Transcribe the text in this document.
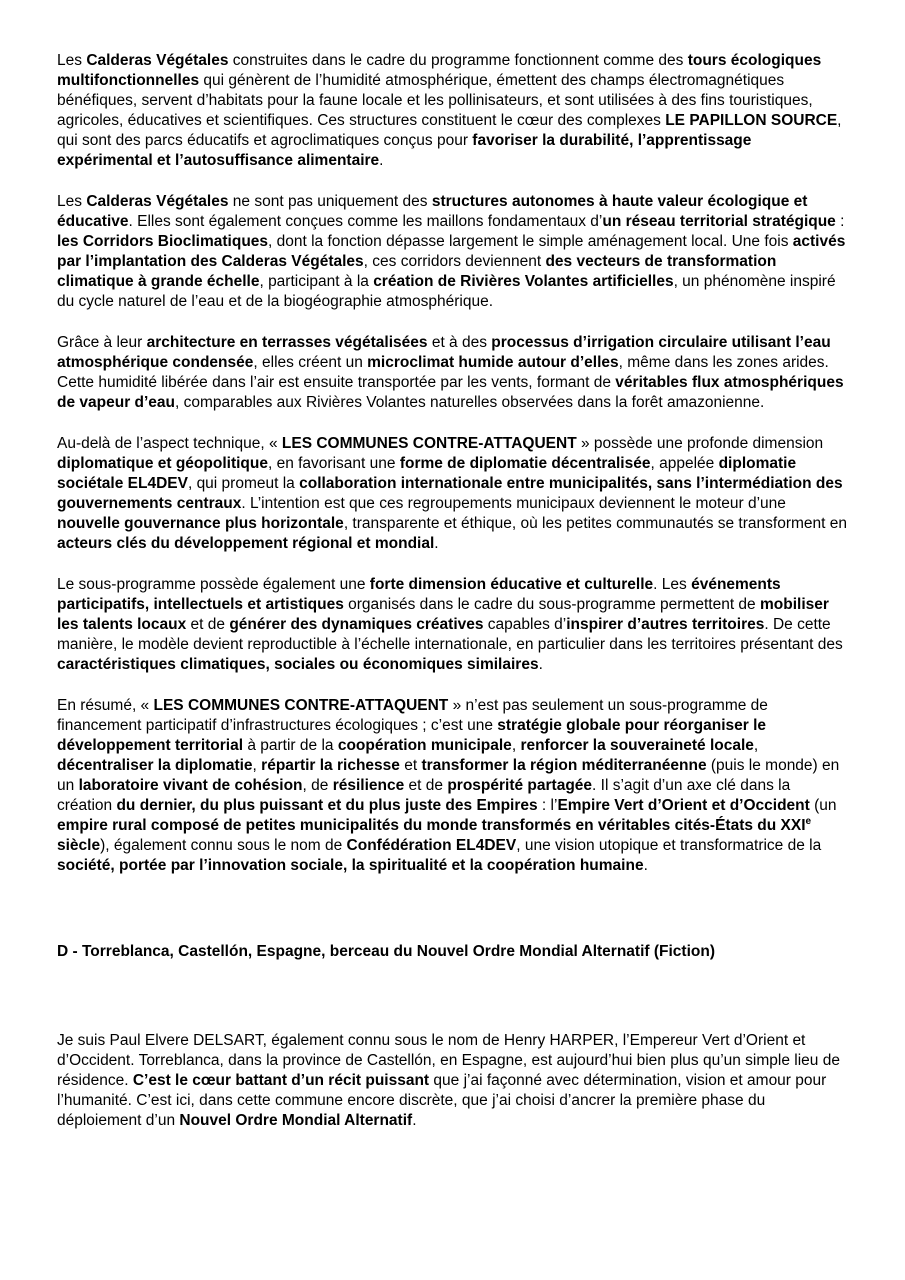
Les Calderas Végétales construites dans le cadre du programme fonctionnent comme des tours écologiques multifonctionnelles qui génèrent de l’humidité atmosphérique, émettent des champs électromagnétiques bénéfiques, servent d’habitats pour la faune locale et les pollinisateurs, et sont utilisées à des fins touristiques, agricoles, éducatives et scientifiques. Ces structures constituent le cœur des complexes LE PAPILLON SOURCE, qui sont des parcs éducatifs et agroclimatiques conçus pour favoriser la durabilité, l’apprentissage expérimental et l’autosuffisance alimentaire.

Les Calderas Végétales ne sont pas uniquement des structures autonomes à haute valeur écologique et éducative. Elles sont également conçues comme les maillons fondamentaux d’un réseau territorial stratégique : les Corridors Bioclimatiques, dont la fonction dépasse largement le simple aménagement local. Une fois activés par l’implantation des Calderas Végétales, ces corridors deviennent des vecteurs de transformation climatique à grande échelle, participant à la création de Rivières Volantes artificielles, un phénomène inspiré du cycle naturel de l’eau et de la biogéographie atmosphérique.

Grâce à leur architecture en terrasses végétalisées et à des processus d’irrigation circulaire utilisant l’eau atmosphérique condensée, elles créent un microclimat humide autour d’elles, même dans les zones arides. Cette humidité libérée dans l’air est ensuite transportée par les vents, formant de véritables flux atmosphériques de vapeur d’eau, comparables aux Rivières Volantes naturelles observées dans la forêt amazonienne.

Au-delà de l’aspect technique, « LES COMMUNES CONTRE-ATTAQUENT » possède une profonde dimension diplomatique et géopolitique, en favorisant une forme de diplomatie décentralisée, appelée diplomatie sociétale EL4DEV, qui promeut la collaboration internationale entre municipalités, sans l’intermédiation des gouvernements centraux. L’intention est que ces regroupements municipaux deviennent le moteur d’une nouvelle gouvernance plus horizontale, transparente et éthique, où les petites communautés se transforment en acteurs clés du développement régional et mondial.

Le sous-programme possède également une forte dimension éducative et culturelle. Les événements participatifs, intellectuels et artistiques organisés dans le cadre du sous-programme permettent de mobiliser les talents locaux et de générer des dynamiques créatives capables d’inspirer d’autres territoires. De cette manière, le modèle devient reproductible à l’échelle internationale, en particulier dans les territoires présentant des caractéristiques climatiques, sociales ou économiques similaires.

En résumé, « LES COMMUNES CONTRE-ATTAQUENT » n’est pas seulement un sous-programme de financement participatif d’infrastructures écologiques ; c’est une stratégie globale pour réorganiser le développement territorial à partir de la coopération municipale, renforcer la souveraineté locale, décentraliser la diplomatie, répartir la richesse et transformer la région méditerranéenne (puis le monde) en un laboratoire vivant de cohésion, de résilience et de prospérité partagée. Il s’agit d’un axe clé dans la création du dernier, du plus puissant et du plus juste des Empires : l’Empire Vert d’Orient et d’Occident (un empire rural composé de petites municipalités du monde transformés en véritables cités-États du XXIe siècle), également connu sous le nom de Confédération EL4DEV, une vision utopique et transformatrice de la société, portée par l’innovation sociale, la spiritualité et la coopération humaine.

D - Torreblanca, Castellón, Espagne, berceau du Nouvel Ordre Mondial Alternatif (Fiction)

Je suis Paul Elvere DELSART, également connu sous le nom de Henry HARPER, l’Empereur Vert d’Orient et d’Occident. Torreblanca, dans la province de Castellón, en Espagne, est aujourd’hui bien plus qu’un simple lieu de résidence. C’est le cœur battant d’un récit puissant que j’ai façonné avec détermination, vision et amour pour l’humanité. C’est ici, dans cette commune encore discrète, que j’ai choisi d’ancrer la première phase du déploiement d’un Nouvel Ordre Mondial Alternatif.
